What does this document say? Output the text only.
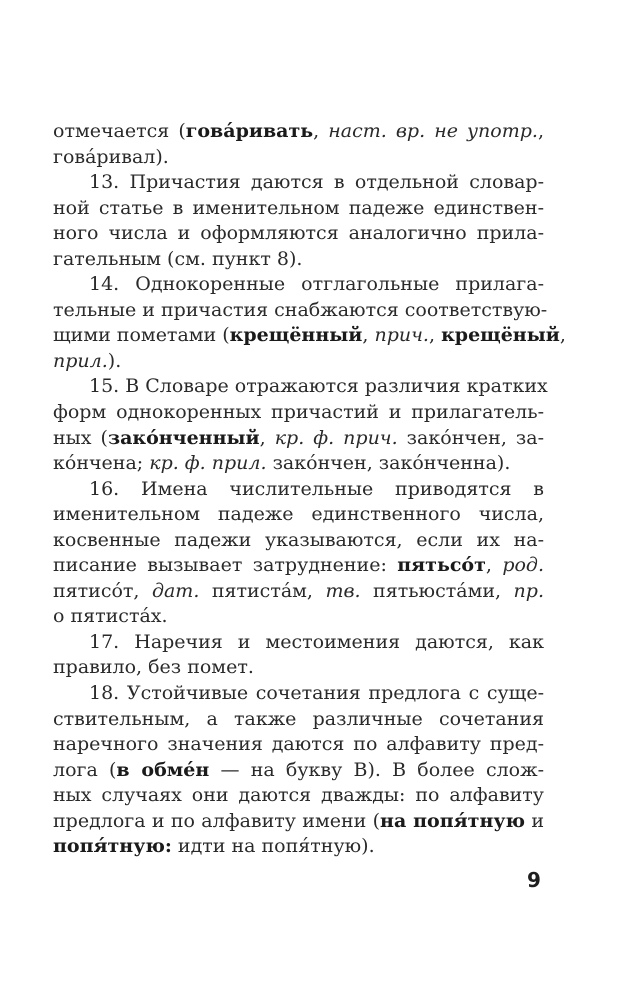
отмечается (гова́ривать, наст. вр. не употр.,
гова́ривал).
13. Причастия даются в отдельной словар-
ной статье в именительном падеже единствен-
ного числа и оформляются аналогично прила-
гательным (см. пункт 8).
14. Однокоренные отглагольные прилага-
тельные и причастия снабжаются соответствую-
щими пометами (крещённый, прич., крещёный,
прил.).
15. В Словаре отражаются различия кратких
форм однокоренных причастий и прилагатель-
ных (зако́нченный, кр. ф. прич. зако́нчен, за-
ко́нчена; кр. ф. прил. зако́нчен, зако́нченна).
16. Имена числительные приводятся в
именительном падеже единственного числа,
косвенные падежи указываются, если их на-
писание вызывает затруднение: пятьсо́т, род.
пятисо́т, дат. пятиста́м, тв. пятьюста́ми, пр.
о пятиста́х.
17. Наречия и местоимения даются, как
правило, без помет.
18. Устойчивые сочетания предлога с суще-
ствительным, а также различные сочетания
наречного значения даются по алфавиту пред-
лога (в обме́н — на букву В). В более слож-
ных случаях они даются дважды: по алфавиту
предлога и по алфавиту имени (на попя́тную и
попя́тную: идти на попя́тную).
9
